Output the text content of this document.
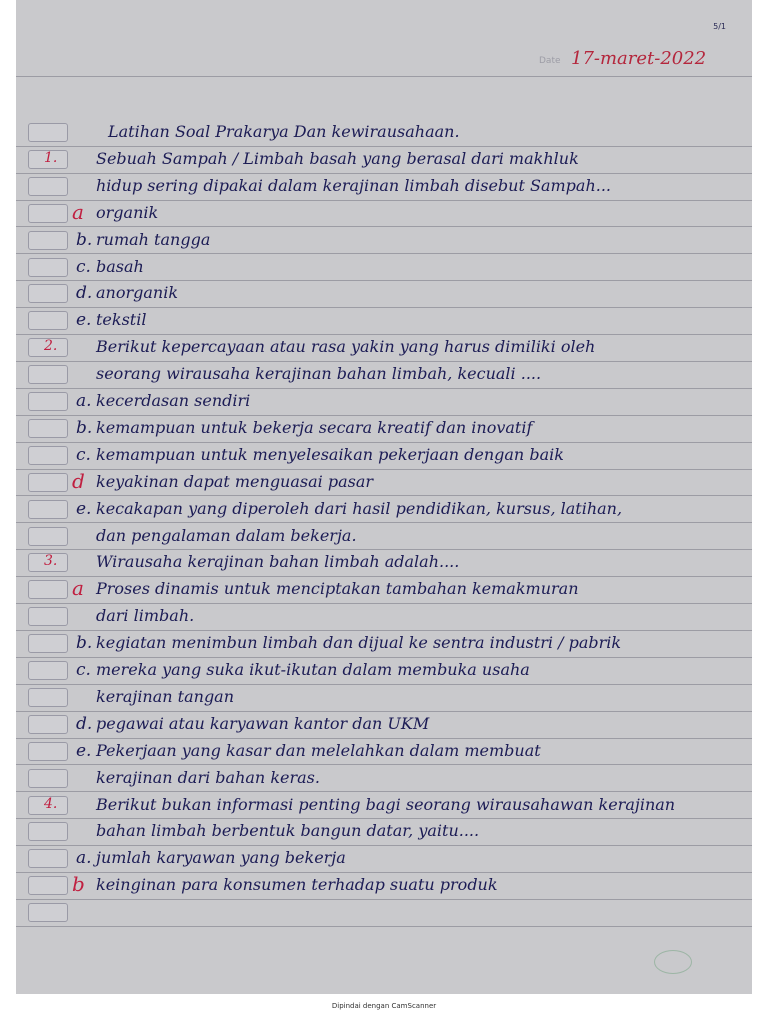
5/1
Date 17-maret-2022
Latihan Soal Prakarya Dan kewirausahaan.
1. Sebuah Sampah / Limbah basah yang berasal dari makhluk
hidup sering dipakai dalam kerajinan limbah disebut Sampah...
a organik
b. rumah tangga
c. basah
d. anorganik
e. tekstil
2. Berikut kepercayaan atau rasa yakin yang harus dimiliki oleh
seorang wirausaha kerajinan bahan limbah, kecuali ....
a. kecerdasan sendiri
b. kemampuan untuk bekerja secara kreatif dan inovatif
c. kemampuan untuk menyelesaikan pekerjaan dengan baik
d keyakinan dapat menguasai pasar
e. kecakapan yang diperoleh dari hasil pendidikan, kursus, latihan,
dan pengalaman dalam bekerja.
3. Wirausaha kerajinan bahan limbah adalah....
a Proses dinamis untuk menciptakan tambahan kemakmuran
dari limbah.
b. kegiatan menimbun limbah dan dijual ke sentra industri / pabrik
c. mereka yang suka ikut-ikutan dalam membuka usaha
kerajinan tangan
d. pegawai atau karyawan kantor dan UKM
e. Pekerjaan yang kasar dan melelahkan dalam membuat
kerajinan dari bahan keras.
4. Berikut bukan informasi penting bagi seorang wirausahawan kerajinan
bahan limbah berbentuk bangun datar, yaitu....
a. jumlah karyawan yang bekerja
b keinginan para konsumen terhadap suatu produk
Dipindai dengan CamScanner
